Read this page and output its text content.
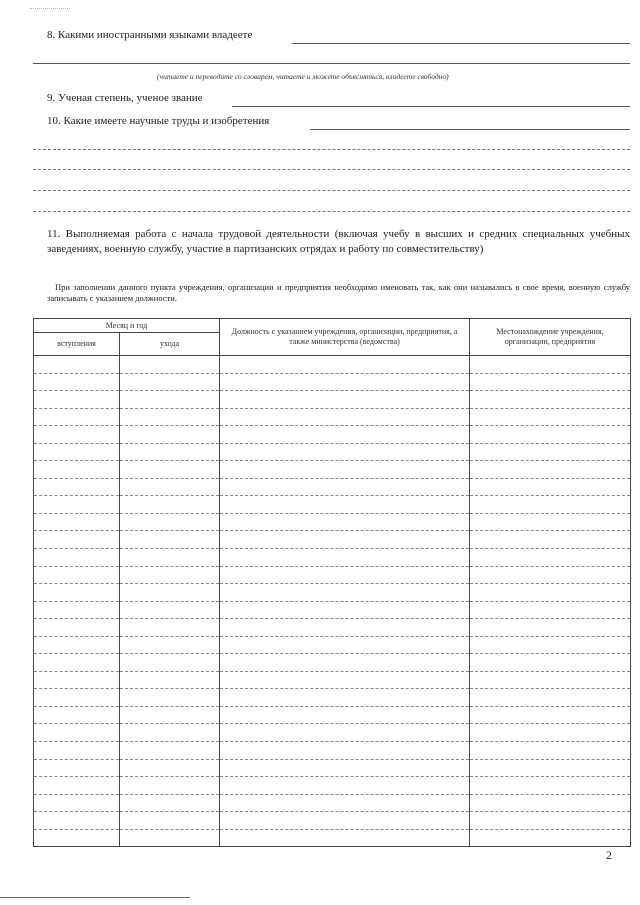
8. Какими иностранными языками владеете
(читаете и переводите со словарем, читаете и можете объясняться, владеете свободно)
9. Ученая степень, ученое звание
10. Какие имеете научные труды и изобретения
11. Выполняемая работа с начала трудовой деятельности (включая учебу в высших и средних специальных учебных заведениях, военную службу, участие в партизанских отрядах и работу по совместительству)
При заполнении данного пункта учреждения, организации и предприятия необходимо именовать так, как они назывались в свое время, военную службу записывать с указанием должности.
Месяц и год		Должность с указанием учреждения, организации, предприятия, а также министерства (ведомства)	Местонахождение учреждения, организации, предприятия
вступления	ухода		

2
